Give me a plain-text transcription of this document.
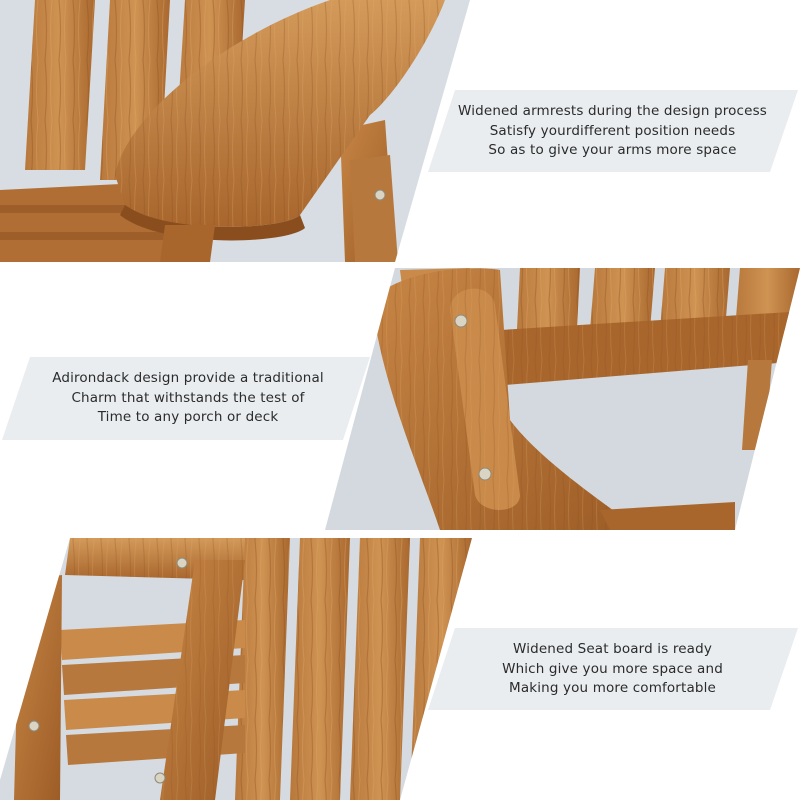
Widened armrests during the design process
Satisfy yourdifferent position needs
So as to give your arms more space
Adirondack design provide a traditional
Charm that withstands the test of
Time to any porch or deck
Widened Seat board is ready
Which give you more space and
Making you more comfortable
